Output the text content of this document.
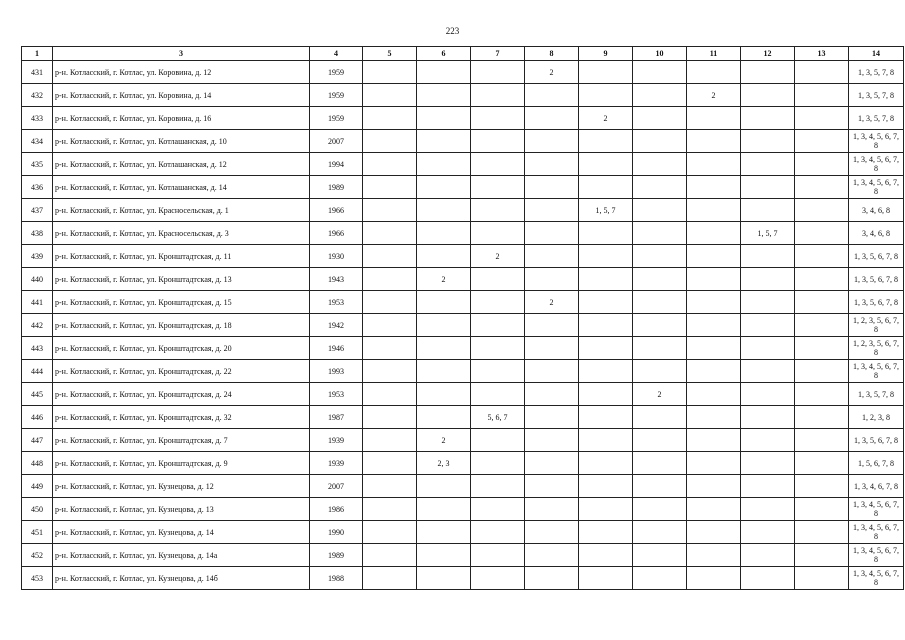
223
1	3	4	5	6	7	8	9	10	11	12	13	14
431	р-н. Котласский, г. Котлас, ул. Коровина, д. 12	1959				2						1, 3, 5, 7, 8
432	р-н. Котласский, г. Котлас, ул. Коровина, д. 14	1959							2			1, 3, 5, 7, 8
433	р-н. Котласский, г. Котлас, ул. Коровина, д. 16	1959					2					1, 3, 5, 7, 8
434	р-н. Котласский, г. Котлас, ул. Котлашанская, д. 10	2007										1, 3, 4, 5, 6, 7, 8
435	р-н. Котласский, г. Котлас, ул. Котлашанская, д. 12	1994										1, 3, 4, 5, 6, 7, 8
436	р-н. Котласский, г. Котлас, ул. Котлашанская, д. 14	1989										1, 3, 4, 5, 6, 7, 8
437	р-н. Котласский, г. Котлас, ул. Красносельская, д. 1	1966					1, 5, 7					3, 4, 6, 8
438	р-н. Котласский, г. Котлас, ул. Красносельская, д. 3	1966								1, 5, 7		3, 4, 6, 8
439	р-н. Котласский, г. Котлас, ул. Кронштадтская, д. 11	1930			2							1, 3, 5, 6, 7, 8
440	р-н. Котласский, г. Котлас, ул. Кронштадтская, д. 13	1943		2								1, 3, 5, 6, 7, 8
441	р-н. Котласский, г. Котлас, ул. Кронштадтская, д. 15	1953				2						1, 3, 5, 6, 7, 8
442	р-н. Котласский, г. Котлас, ул. Кронштадтская, д. 18	1942										1, 2, 3, 5, 6, 7, 8
443	р-н. Котласский, г. Котлас, ул. Кронштадтская, д. 20	1946										1, 2, 3, 5, 6, 7, 8
444	р-н. Котласский, г. Котлас, ул. Кронштадтская, д. 22	1993										1, 3, 4, 5, 6, 7, 8
445	р-н. Котласский, г. Котлас, ул. Кронштадтская, д. 24	1953						2				1, 3, 5, 7, 8
446	р-н. Котласский, г. Котлас, ул. Кронштадтская, д. 32	1987			5, 6, 7							1, 2, 3, 8
447	р-н. Котласский, г. Котлас, ул. Кронштадтская, д. 7	1939		2								1, 3, 5, 6, 7, 8
448	р-н. Котласский, г. Котлас, ул. Кронштадтская, д. 9	1939		2, 3								1, 5, 6, 7, 8
449	р-н. Котласский, г. Котлас, ул. Кузнецова, д. 12	2007										1, 3, 4, 6, 7, 8
450	р-н. Котласский, г. Котлас, ул. Кузнецова, д. 13	1986										1, 3, 4, 5, 6, 7, 8
451	р-н. Котласский, г. Котлас, ул. Кузнецова, д. 14	1990										1, 3, 4, 5, 6, 7, 8
452	р-н. Котласский, г. Котлас, ул. Кузнецова, д. 14а	1989										1, 3, 4, 5, 6, 7, 8
453	р-н. Котласский, г. Котлас, ул. Кузнецова, д. 14б	1988										1, 3, 4, 5, 6, 7, 8
